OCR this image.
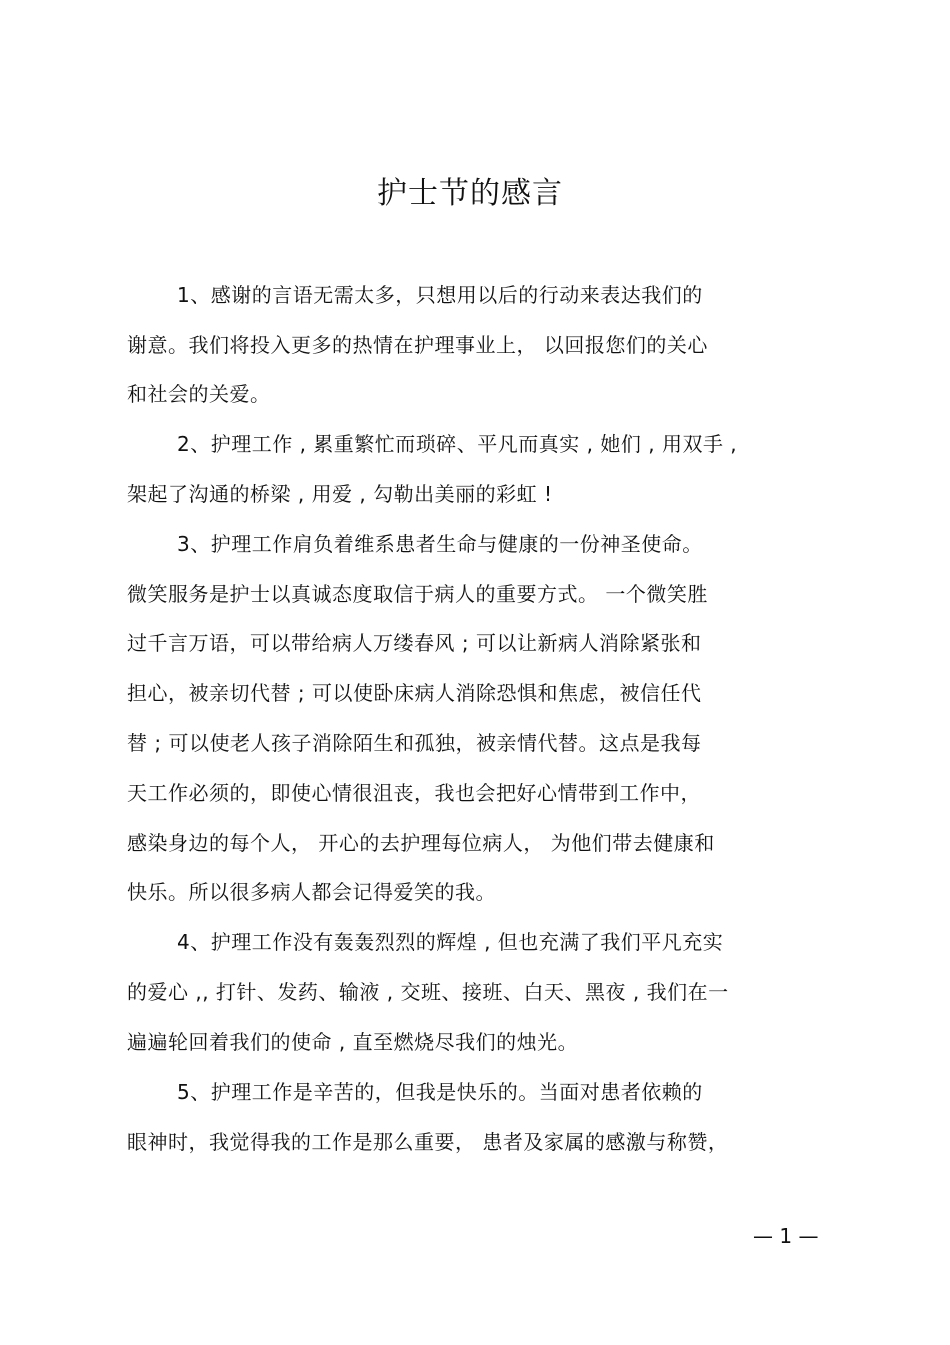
护士节的感言
1、感谢的言语无需太多，只想用以后的行动来表达我们的
谢意。我们将投入更多的热情在护理事业上， 以回报您们的关心
和社会的关爱。
2、护理工作 , 累重繁忙而琐碎、平凡而真实 , 她们 , 用双手 ,
架起了沟通的桥梁 , 用爱 , 勾勒出美丽的彩虹 !
3、护理工作肩负着维系患者生命与健康的一份神圣使命。
微笑服务是护士以真诚态度取信于病人的重要方式。 一个微笑胜
过千言万语，可以带给病人万缕春风 ; 可以让新病人消除紧张和
担心，被亲切代替 ; 可以使卧床病人消除恐惧和焦虑，被信任代
替 ; 可以使老人孩子消除陌生和孤独，被亲情代替。这点是我每
天工作必须的，即使心情很沮丧，我也会把好心情带到工作中，
感染身边的每个人， 开心的去护理每位病人， 为他们带去健康和
快乐。所以很多病人都会记得爱笑的我。
4、护理工作没有轰轰烈烈的辉煌 , 但也充满了我们平凡充实
的爱心 ,, 打针、发药、输液 , 交班、接班、白天、黑夜 , 我们在一
遍遍轮回着我们的使命 , 直至燃烧尽我们的烛光。
5、护理工作是辛苦的，但我是快乐的。当面对患者依赖的
眼神时，我觉得我的工作是那么重要， 患者及家属的感激与称赞，
— 1 —
